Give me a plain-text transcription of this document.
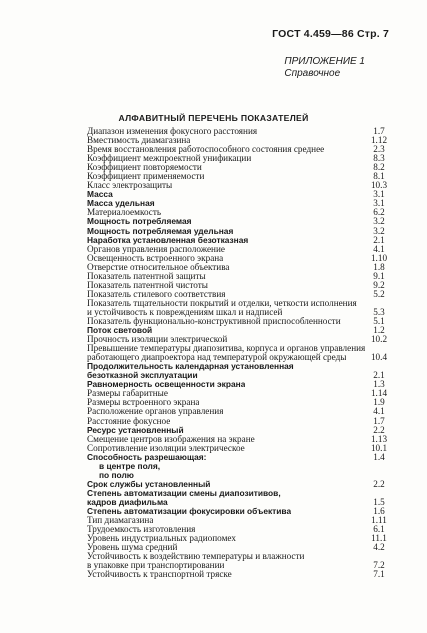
ГОСТ 4.459—86 Стр. 7
ПРИЛОЖЕНИЕ 1
Справочное
АЛФАВИТНЫЙ ПЕРЕЧЕНЬ ПОКАЗАТЕЛЕЙ
Диапазон изменения фокусного расстояния	1.7
Вместимость диамагазина	1.12
Время восстановления работоспособного состояния среднее	2.3
Коэффициент межпроектной унификации	8.3
Коэффициент повторяемости	8.2
Коэффициент применяемости	8.1
Класс электрозащиты	10.3
Масса	3.1
Масса удельная	3.1
Материалоемкость	6.2
Мощность потребляемая	3.2
Мощность потребляемая удельная	3.2
Наработка установленная безотказная	2.1
Органов управления расположение	4.1
Освещенность встроенного экрана	1.10
Отверстие относительное объектива	1.8
Показатель патентной защиты	9.1
Показатель патентной чистоты	9.2
Показатель стилевого соответствия	5.2
Показатель тщательности покрытий и отделки, четкости исполнения
и устойчивость к повреждениям шкал и надписей	5.3
Показатель функционально-конструктивной приспособленности	5.1
Поток световой	1.2
Прочность изоляции электрической	10.2
Превышение температуры диапозитива, корпуса и органов управления
работающего диапроектора над температурой окружающей среды	10.4
Продолжительность календарная установленная
безотказной эксплуатации	2.1
Равномерность освещенности экрана	1.3
Размеры габаритные	1.14
Размеры встроенного экрана	1.9
Расположение органов управления	4.1
Расстояние фокусное	1.7
Ресурс установленный	2.2
Смещение центров изображения на экране	1.13
Сопротивление изоляции электрическое	10.1
Способность разрешающая:	1.4
в центре поля,
по полю
Срок службы установленный	2.2
Степень автоматизации смены диапозитивов,
кадров диафильма	1.5
Степень автоматизации фокусировки объектива	1.6
Тип диамагазина	1.11
Трудоемкость изготовления	6.1
Уровень индустриальных радиопомех	11.1
Уровень шума средний	4.2
Устойчивость к воздействию температуры и влажности
в упаковке при транспортировании	7.2
Устойчивость к транспортной тряске	7.1
